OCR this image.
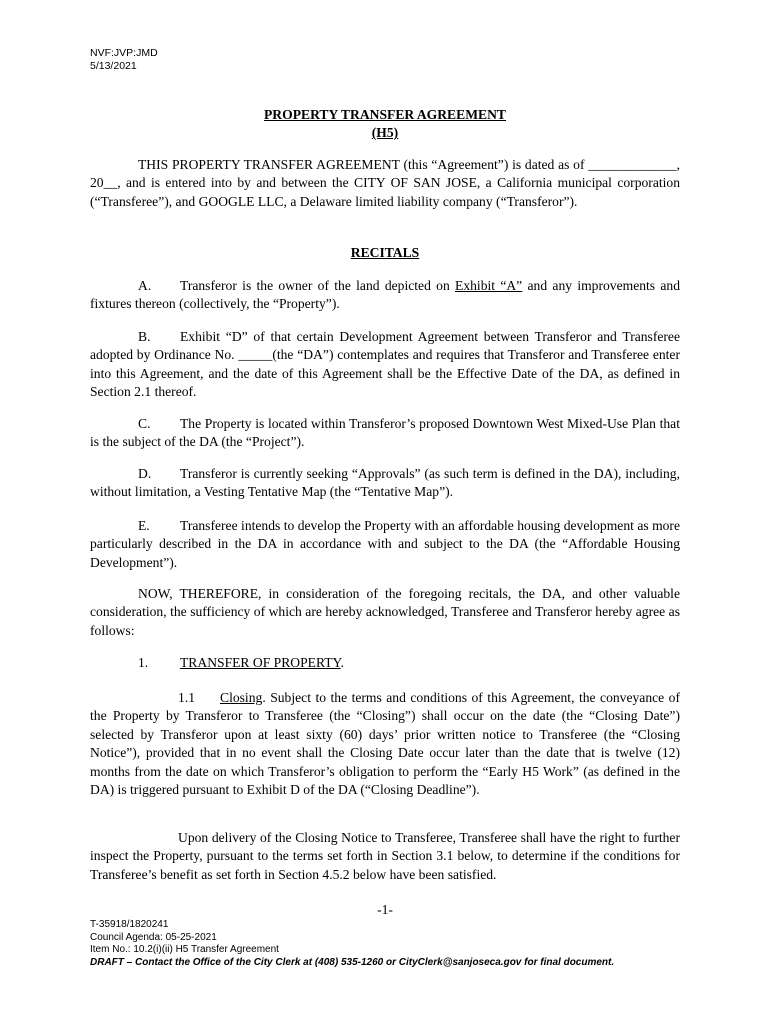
NVF:JVP:JMD
5/13/2021
PROPERTY TRANSFER AGREEMENT
(H5)

THIS PROPERTY TRANSFER AGREEMENT (this “Agreement”) is dated as of _____________, 20__, and is entered into by and between the CITY OF SAN JOSE, a California municipal corporation (“Transferee”), and GOOGLE LLC, a Delaware limited liability company (“Transferor”).

RECITALS

A. Transferor is the owner of the land depicted on Exhibit “A” and any improvements and fixtures thereon (collectively, the “Property”).

B. Exhibit “D” of that certain Development Agreement between Transferor and Transferee adopted by Ordinance No. _____(the “DA”) contemplates and requires that Transferor and Transferee enter into this Agreement, and the date of this Agreement shall be the Effective Date of the DA, as defined in Section 2.1 thereof.

C. The Property is located within Transferor’s proposed Downtown West Mixed-Use Plan that is the subject of the DA (the “Project”).

D. Transferor is currently seeking “Approvals” (as such term is defined in the DA), including, without limitation, a Vesting Tentative Map (the “Tentative Map”).

E. Transferee intends to develop the Property with an affordable housing development as more particularly described in the DA in accordance with and subject to the DA (the “Affordable Housing Development”).

NOW, THEREFORE, in consideration of the foregoing recitals, the DA, and other valuable consideration, the sufficiency of which are hereby acknowledged, Transferee and Transferor hereby agree as follows:

1. TRANSFER OF PROPERTY.

1.1 Closing. Subject to the terms and conditions of this Agreement, the conveyance of the Property by Transferor to Transferee (the “Closing”) shall occur on the date (the “Closing Date”) selected by Transferor upon at least sixty (60) days’ prior written notice to Transferee (the “Closing Notice”), provided that in no event shall the Closing Date occur later than the date that is twelve (12) months from the date on which Transferor’s obligation to perform the “Early H5 Work” (as defined in the DA) is triggered pursuant to Exhibit D of the DA (“Closing Deadline”).

Upon delivery of the Closing Notice to Transferee, Transferee shall have the right to further inspect the Property, pursuant to the terms set forth in Section 3.1 below, to determine if the conditions for Transferee’s benefit as set forth in Section 4.5.2 below have been satisfied.

-1-
T-35918/1820241
Council Agenda: 05-25-2021
Item No.: 10.2(i)(ii) H5 Transfer Agreement
DRAFT – Contact the Office of the City Clerk at (408) 535-1260 or CityClerk@sanjoseca.gov for final document.
